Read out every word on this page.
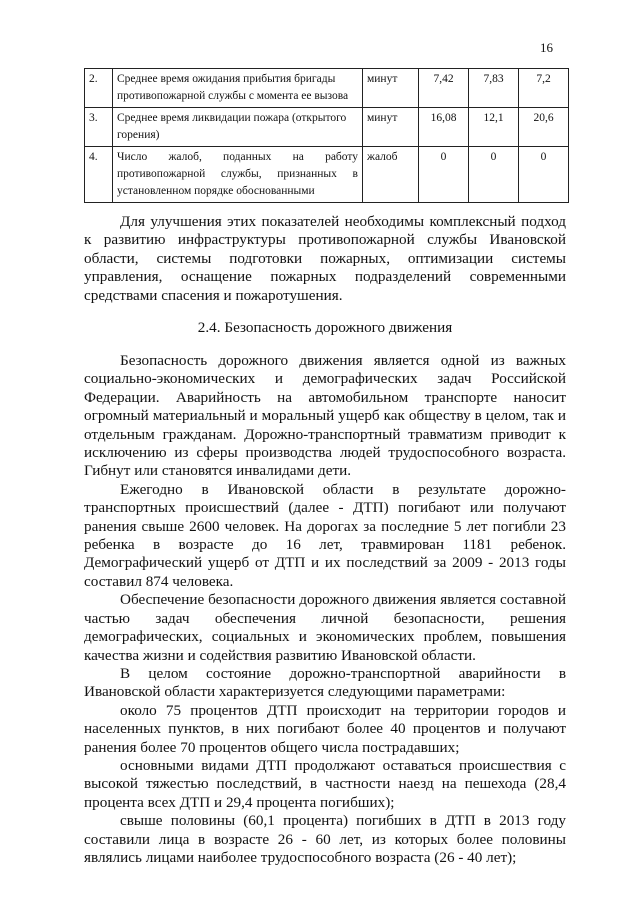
16
2.	Среднее время ожидания прибытия бригады
противопожарной службы с момента ее вызова	минут	7,42	7,83	7,2
3.	Среднее время ликвидации пожара (открытого
горения)	минут	16,08	12,1	20,6
4.	Число жалоб, поданных на работу
противопожарной службы, признанных в
установленном порядке обоснованными	жалоб	0	0	0

Для улучшения этих показателей необходимы комплексный подход к развитию инфраструктуры противопожарной службы Ивановской области, системы подготовки пожарных, оптимизации системы управления, оснащение пожарных подразделений современными средствами спасения и пожаротушения.

2.4. Безопасность дорожного движения

Безопасность дорожного движения является одной из важных социально-экономических и демографических задач Российской Федерации. Аварийность на автомобильном транспорте наносит огромный материальный и моральный ущерб как обществу в целом, так и отдельным гражданам. Дорожно-транспортный травматизм приводит к исключению из сферы производства людей трудоспособного возраста. Гибнут или становятся инвалидами дети.

Ежегодно в Ивановской области в результате дорожно-транспортных происшествий (далее - ДТП) погибают или получают ранения свыше 2600 человек. На дорогах за последние 5 лет погибли 23 ребенка в возрасте до 16 лет, травмирован 1181 ребенок. Демографический ущерб от ДТП и их последствий за 2009 - 2013 годы составил 874 человека.

Обеспечение безопасности дорожного движения является составной частью задач обеспечения личной безопасности, решения демографических, социальных и экономических проблем, повышения качества жизни и содействия развитию Ивановской области.

В целом состояние дорожно-транспортной аварийности в Ивановской области характеризуется следующими параметрами:

около 75 процентов ДТП происходит на территории городов и населенных пунктов, в них погибают более 40 процентов и получают ранения более 70 процентов общего числа пострадавших;

основными видами ДТП продолжают оставаться происшествия с высокой тяжестью последствий, в частности наезд на пешехода (28,4 процента всех ДТП и 29,4 процента погибших);

свыше половины (60,1 процента) погибших в ДТП в 2013 году составили лица в возрасте 26 - 60 лет, из которых более половины являлись лицами наиболее трудоспособного возраста (26 - 40 лет);
